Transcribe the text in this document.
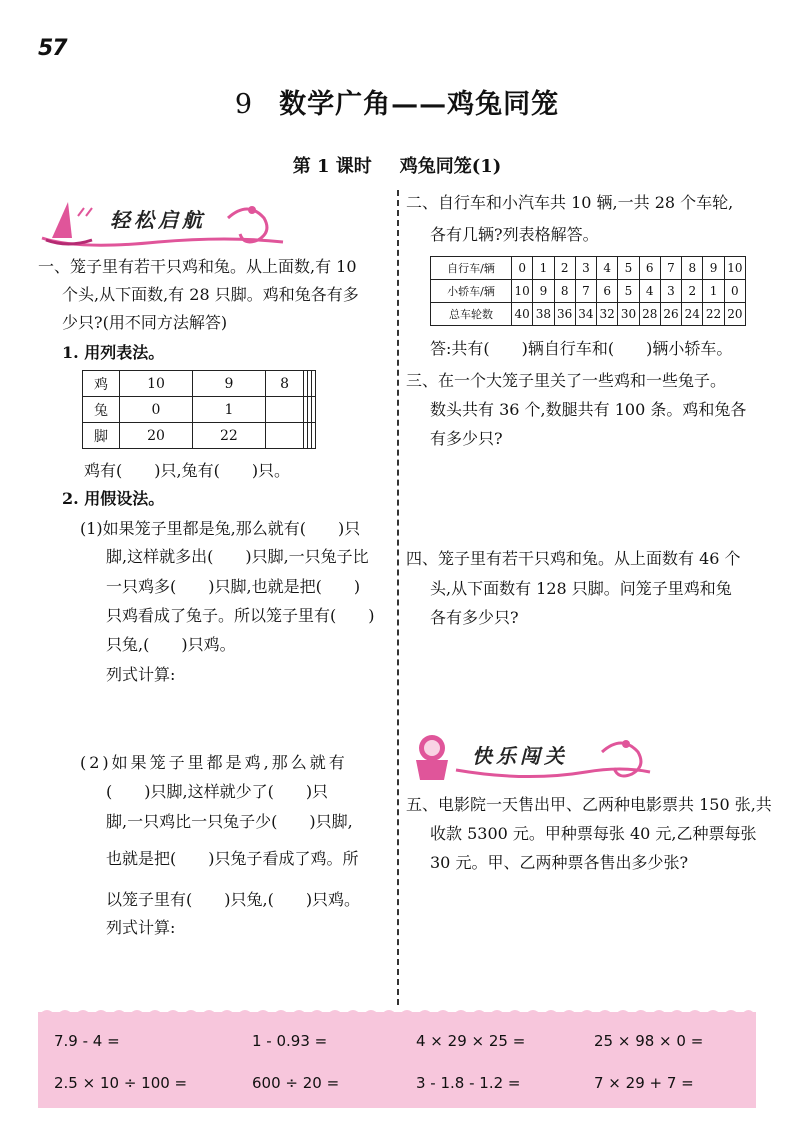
57
9 数学广角——鸡兔同笼
第 1 课时 鸡兔同笼(1)
轻松启航
一、笼子里有若干只鸡和兔。从上面数,有 10
个头,从下面数,有 28 只脚。鸡和兔各有多
少只?(用不同方法解答)
1. 用列表法。
鸡	10	9	8			
兔	0	1				
脚	20	22				
鸡有(　　)只,兔有(　　)只。
2. 用假设法。
(1)如果笼子里都是兔,那么就有(　　)只
脚,这样就多出(　　)只脚,一只兔子比
一只鸡多(　　)只脚,也就是把(　　)
只鸡看成了兔子。所以笼子里有(　　)
只兔,(　　)只鸡。
列式计算:
(2)如果笼子里都是鸡,那么就有
(　　)只脚,这样就少了(　　)只
脚,一只鸡比一只兔子少(　　)只脚,
也就是把(　　)只兔子看成了鸡。所
以笼子里有(　　)只兔,(　　)只鸡。
列式计算:
二、自行车和小汽车共 10 辆,一共 28 个车轮,
各有几辆?列表格解答。
自行车/辆	0	1	2	3	4	5	6	7	8	9	10
小轿车/辆	10	9	8	7	6	5	4	3	2	1	0
总车轮数	40	38	36	34	32	30	28	26	24	22	20
答:共有(　　)辆自行车和(　　)辆小轿车。
三、在一个大笼子里关了一些鸡和一些兔子。
数头共有 36 个,数腿共有 100 条。鸡和兔各
有多少只?
四、笼子里有若干只鸡和兔。从上面数有 46 个
头,从下面数有 128 只脚。问笼子里鸡和兔
各有多少只?
快乐闯关
五、电影院一天售出甲、乙两种电影票共 150 张,共
收款 5300 元。甲种票每张 40 元,乙种票每张
30 元。甲、乙两种票各售出多少张?
7.9 - 4 =	1 - 0.93 =	4 × 29 × 25 =	25 × 98 × 0 =
2.5 × 10 ÷ 100 =	600 ÷ 20 =	3 - 1.8 - 1.2 =	7 × 29 + 7 =
